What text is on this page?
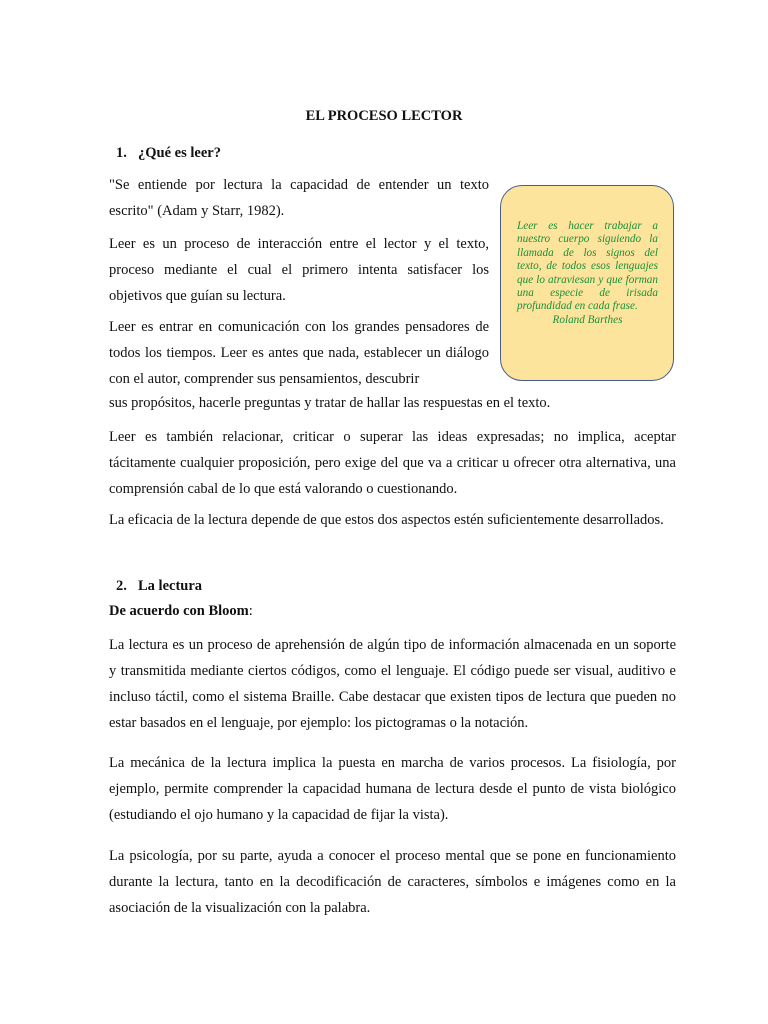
EL PROCESO LECTOR
1. ¿Qué es leer?
"Se entiende por lectura la capacidad de entender un texto
escrito" (Adam y Starr, 1982).
Leer es un proceso de interacción entre el lector y el texto, proceso mediante el cual el primero intenta satisfacer los objetivos que guían su lectura.
Leer es entrar en comunicación con los grandes pensadores de todos los tiempos. Leer es antes que nada, establecer un diálogo con el autor, comprender sus pensamientos, descubrir
sus propósitos, hacerle preguntas y tratar de hallar las respuestas en el texto.
Leer es también relacionar, criticar o superar las ideas expresadas; no implica, aceptar tácitamente cualquier proposición, pero exige del que va a criticar u ofrecer otra alternativa, una comprensión cabal de lo que está valorando o cuestionando.
La eficacia de la lectura depende de que estos dos aspectos estén suficientemente desarrollados.
Leer es hacer trabajar a nuestro cuerpo siguiendo la llamada de los signos del texto, de todos esos lenguajes que lo atraviesan y que forman una especie de irisada profundidad en cada frase.
Roland Barthes
2. La lectura
De acuerdo con Bloom:
La lectura es un proceso de aprehensión de algún tipo de información almacenada en un soporte y transmitida mediante ciertos códigos, como el lenguaje. El código puede ser visual, auditivo e incluso táctil, como el sistema Braille. Cabe destacar que existen tipos de lectura que pueden no estar basados en el lenguaje, por ejemplo: los pictogramas o la notación.
La mecánica de la lectura implica la puesta en marcha de varios procesos. La fisiología, por ejemplo, permite comprender la capacidad humana de lectura desde el punto de vista biológico (estudiando el ojo humano y la capacidad de fijar la vista).
La psicología, por su parte, ayuda a conocer el proceso mental que se pone en funcionamiento durante la lectura, tanto en la decodificación de caracteres, símbolos e imágenes como en la asociación de la visualización con la palabra.
